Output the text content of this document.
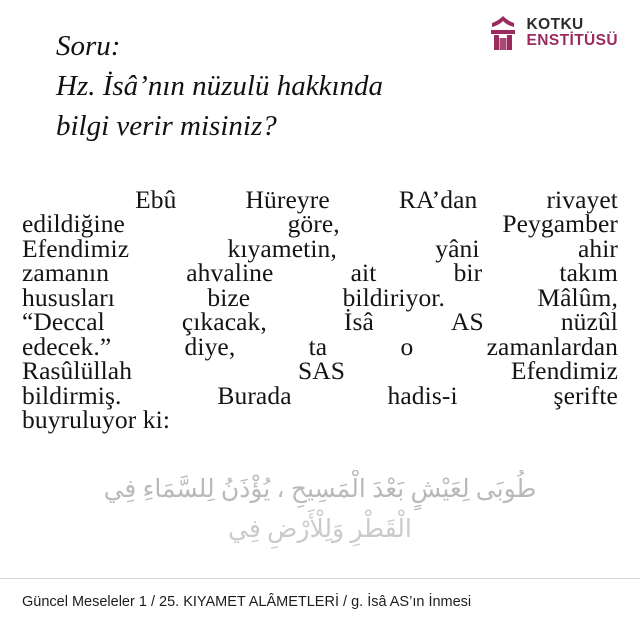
KOTKU
ENSTİTÜSÜ
Soru:
Hz. İsâ’nın nüzulü hakkında
bilgi verir misiniz?
Ebû	Hüreyre	RA’dan	rivayet
edildiğine	göre,	Peygamber
Efendimiz	kıyametin,	yâni	ahir
zamanın	ahvaline	ait	bir	takım
hususları	bize	bildiriyor.	Mâlûm,
“Deccal	çıkacak,	İsâ	AS	nüzûl
edecek.”	diye,	ta	o	zamanlardan
Rasûlüllah	SAS	Efendimiz
bildirmiş.	Burada	hadis-i	şerifte
buyruluyor ki:
طُوبَى لِعَيْشٍ بَعْدَ الْمَسِيحِ ، يُؤْذَنُ لِلسَّمَاءِ فِي
الْقَطْرِ وَلِلْأَرْضِ فِي
Güncel Meseleler 1 / 25. KIYAMET ALÂMETLERİ / g. İsâ AS’ın İnmesi
